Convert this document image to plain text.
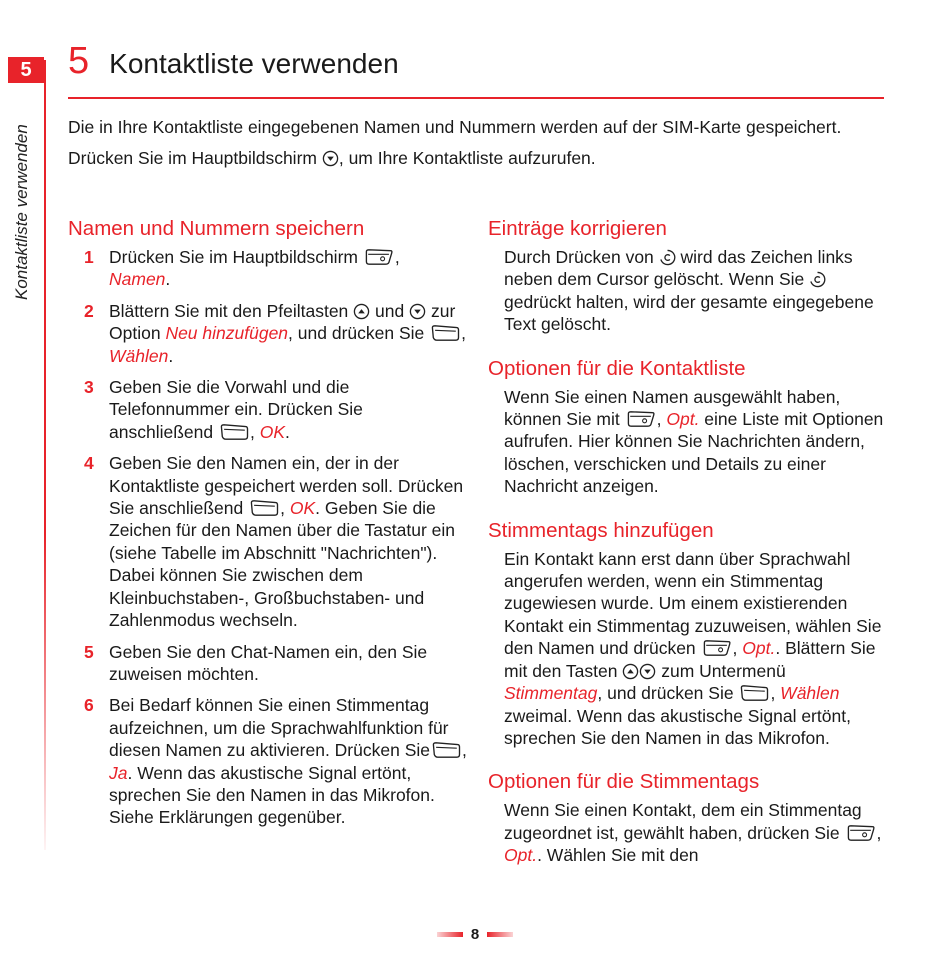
5
Kontaktliste verwenden
5 Kontaktliste verwenden

Die in Ihre Kontaktliste eingegebenen Namen und Nummern werden auf der SIM-Karte gespeichert.

Drücken Sie im Hauptbildschirm , um Ihre Kontaktliste aufzurufen.

Namen und Nummern speichern
1 Drücken Sie im Hauptbildschirm ,
Namen.
2 Blättern Sie mit den Pfeiltasten  und  zur Option Neu hinzufügen, und drücken Sie , Wählen.
3 Geben Sie die Vorwahl und die Telefonnummer ein. Drücken Sie anschließend , OK.
4 Geben Sie den Namen ein, der in der Kontaktliste gespeichert werden soll. Drücken Sie anschließend , OK. Geben Sie die Zeichen für den Namen über die Tastatur ein (siehe Tabelle im Abschnitt "Nachrichten"). Dabei können Sie zwischen dem Kleinbuchstaben-, Großbuchstaben- und Zahlenmodus wechseln.
5 Geben Sie den Chat-Namen ein, den Sie zuweisen möchten.
6 Bei Bedarf können Sie einen Stimmentag aufzeichnen, um die Sprachwahlfunktion für diesen Namen zu aktivieren. Drücken Sie , Ja. Wenn das akustische Signal ertönt, sprechen Sie den Namen in das Mikrofon. Siehe Erklärungen gegenüber.
Einträge korrigieren

Durch Drücken von  wird das Zeichen links neben dem Cursor gelöscht. Wenn Sie  gedrückt halten, wird der gesamte eingegebene Text gelöscht.

Optionen für die Kontaktliste

Wenn Sie einen Namen ausgewählt haben, können Sie mit , Opt. eine Liste mit Optionen aufrufen. Hier können Sie Nachrichten ändern, löschen, verschicken und Details zu einer Nachricht anzeigen.

Stimmentags hinzufügen

Ein Kontakt kann erst dann über Sprachwahl angerufen werden, wenn ein Stimmentag zugewiesen wurde. Um einem existierenden Kontakt ein Stimmentag zuzuweisen, wählen Sie den Namen und drücken , Opt.. Blättern Sie mit den Tasten  zum Untermenü Stimmentag, und drücken Sie , Wählen zweimal. Wenn das akustische Signal ertönt, sprechen Sie den Namen in das Mikrofon.

Optionen für die Stimmentags

Wenn Sie einen Kontakt, dem ein Stimmentag zugeordnet ist, gewählt haben, drücken Sie , Opt.. Wählen Sie mit den

8
